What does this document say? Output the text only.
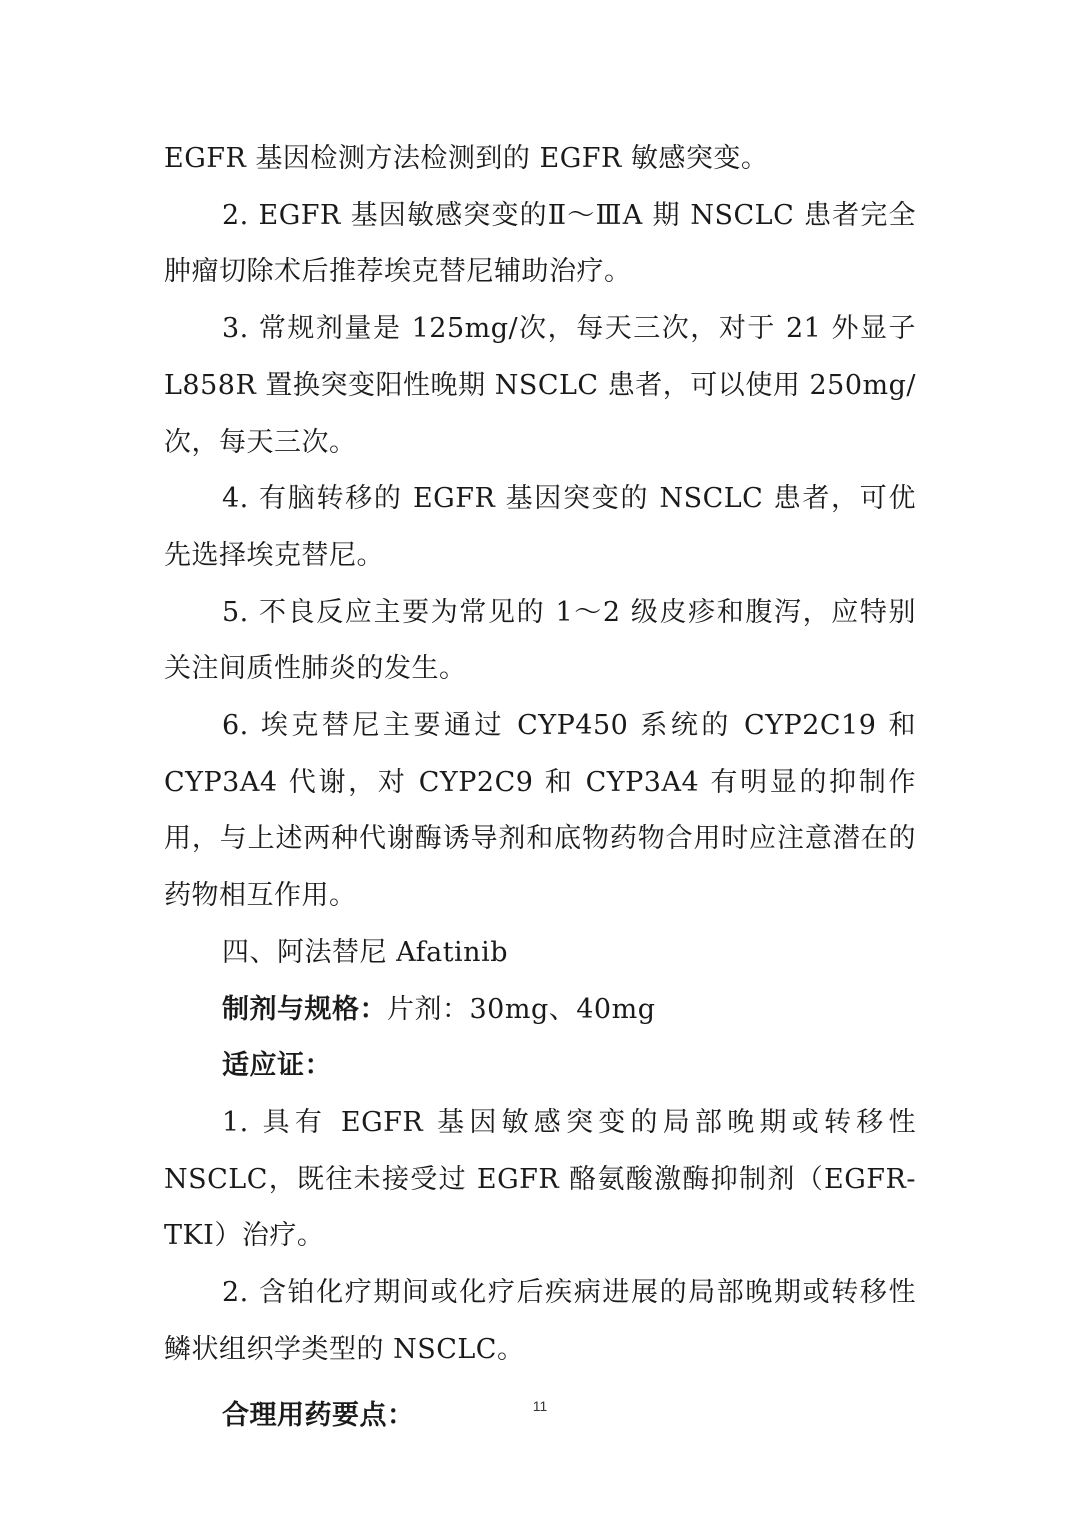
EGFR 基因检测方法检测到的 EGFR 敏感突变。

2. EGFR 基因敏感突变的Ⅱ～ⅢA 期 NSCLC 患者完全肿瘤切除术后推荐埃克替尼辅助治疗。

3. 常规剂量是 125mg/次，每天三次，对于 21 外显子 L858R 置换突变阳性晚期 NSCLC 患者，可以使用 250mg/次，每天三次。

4. 有脑转移的 EGFR 基因突变的 NSCLC 患者，可优先选择埃克替尼。

5. 不良反应主要为常见的 1～2 级皮疹和腹泻，应特别关注间质性肺炎的发生。

6. 埃克替尼主要通过 CYP450 系统的 CYP2C19 和 CYP3A4 代谢，对 CYP2C9 和 CYP3A4 有明显的抑制作用，与上述两种代谢酶诱导剂和底物药物合用时应注意潜在的药物相互作用。

四、阿法替尼 Afatinib

制剂与规格：片剂：30mg、40mg

适应证：

1. 具有 EGFR 基因敏感突变的局部晚期或转移性 NSCLC，既往未接受过 EGFR 酪氨酸激酶抑制剂（EGFR-TKI）治疗。

2. 含铂化疗期间或化疗后疾病进展的局部晚期或转移性鳞状组织学类型的 NSCLC。

合理用药要点：	11
